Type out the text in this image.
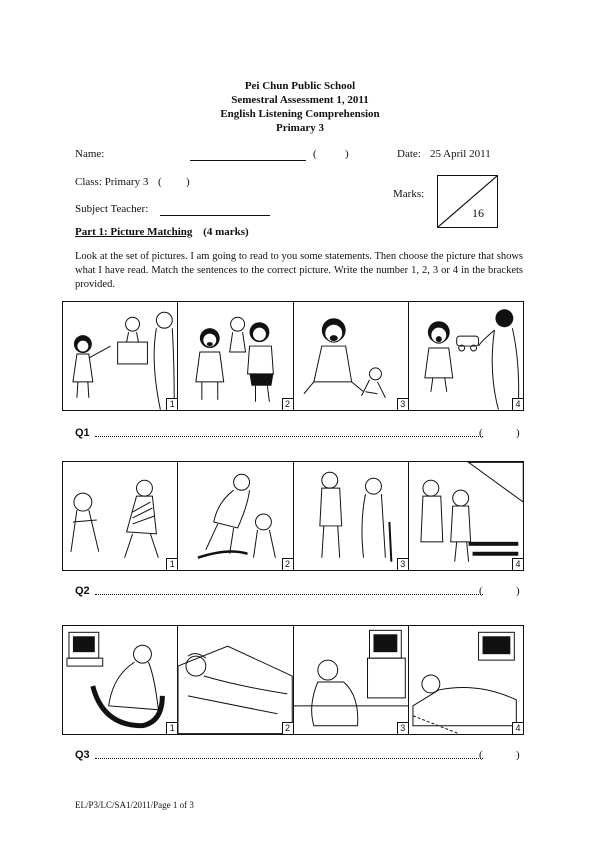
Pei Chun Public School
Semestral Assessment 1, 2011
English Listening Comprehension
Primary 3
Name:	(	)	Date: 25 April 2011
Class: Primary 3 ( )
Marks:
Subject Teacher:	16
Part 1: Picture Matching (4 marks)
Look at the set of pictures. I am going to read to you some statements. Then choose the picture that shows what I have read. Match the sentences to the correct picture. Write the number 1, 2, 3 or 4 in the brackets provided.
1	2	3	4
Q1	(	)
1	2	3	4
Q2	(	)
1	2	3	4
Q3	(	)
EL/P3/LC/SA1/2011/Page 1 of 3
